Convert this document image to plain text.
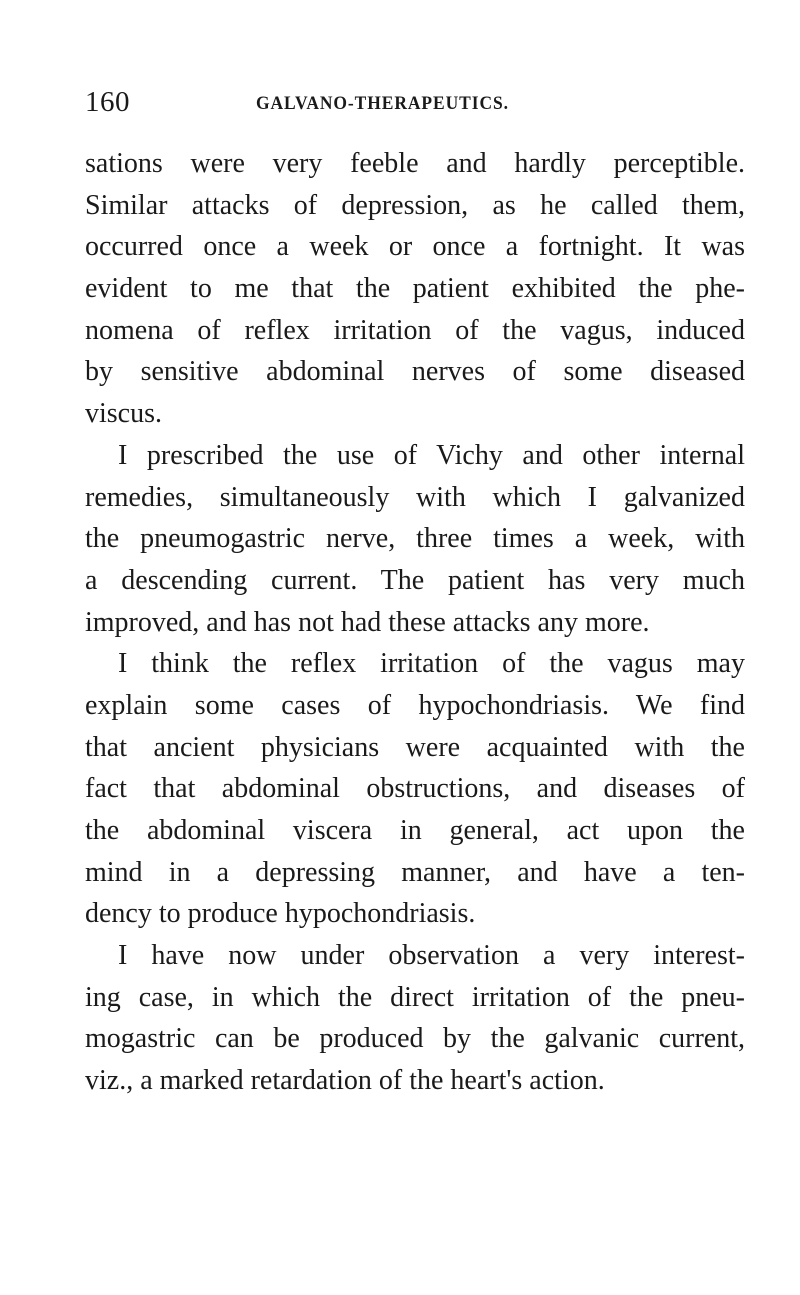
160	GALVANO-THERAPEUTICS.
sations were very feeble and hardly perceptible.
Similar attacks of depression, as he called them,
occurred once a week or once a fortnight. It was
evident to me that the patient exhibited the phe-
nomena of reflex irritation of the vagus, induced
by sensitive abdominal nerves of some diseased
viscus.
I prescribed the use of Vichy and other internal
remedies, simultaneously with which I galvanized
the pneumogastric nerve, three times a week, with
a descending current. The patient has very much
improved, and has not had these attacks any more.
I think the reflex irritation of the vagus may
explain some cases of hypochondriasis. We find
that ancient physicians were acquainted with the
fact that abdominal obstructions, and diseases of
the abdominal viscera in general, act upon the
mind in a depressing manner, and have a ten-
dency to produce hypochondriasis.
I have now under observation a very interest-
ing case, in which the direct irritation of the pneu-
mogastric can be produced by the galvanic current,
viz., a marked retardation of the heart's action.
